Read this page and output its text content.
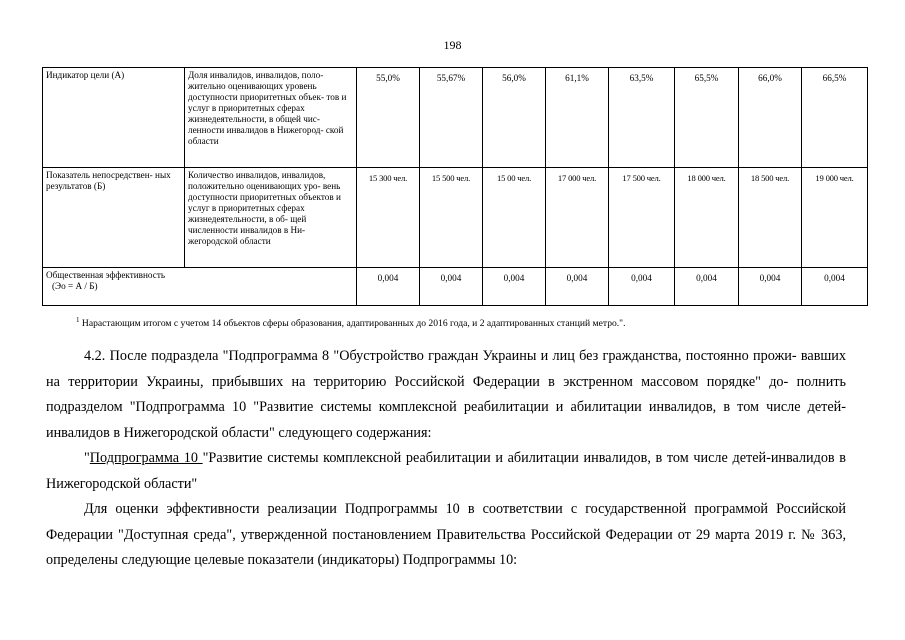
198
Индикатор цели (А)	Доля инвалидов, инвалидов, поло- жительно оценивающих уровень доступности приоритетных объек- тов и услуг в приоритетных сферах жизнедеятельности, в общей чис- ленности инвалидов в Нижегород- ской области	55,0%	55,67%	56,0%	61,1%	63,5%	65,5%	66,0%	66,5%
Показатель непосредствен- ных результатов (Б)	Количество инвалидов, инвалидов, положительно оценивающих уро- вень доступности приоритетных объектов и услуг в приоритетных сферах жизнедеятельности, в об- щей численности инвалидов в Ни- жегородской области	15 300 чел.	15 500 чел.	15 00 чел.	17 000 чел.	17 500 чел.	18 000 чел.	18 500 чел.	19 000 чел.

Общественная эффективность
(Эо = А / Б)		0,004	0,004	0,004	0,004	0,004	0,004	0,004	0,004
$^1$ Нарастающим итогом с учетом 14 объектов сферы образования, адаптированных до 2016 года, и 2 адаптированных станций метро.".
4.2. После подраздела "Подпрограмма 8 "Обустройство граждан Украины и лиц без гражданства, постоянно прожи- вавших на территории Украины, прибывших на территорию Российской Федерации в экстренном массовом порядке" до- полнить подразделом "Подпрограмма 10 "Развитие системы комплексной реабилитации и абилитации инвалидов, в том числе детей-инвалидов в Нижегородской области" следующего содержания:
"Подпрограмма 10 "Развитие системы комплексной реабилитации и абилитации инвалидов, в том числе детей-инвалидов в Нижегородской области"
Для оценки эффективности реализации Подпрограммы 10 в соответствии с государственной программой Российской Федерации "Доступная среда", утвержденной постановлением Правительства Российской Федерации от 29 марта 2019 г. № 363, определены следующие целевые показатели (индикаторы) Подпрограммы 10:
